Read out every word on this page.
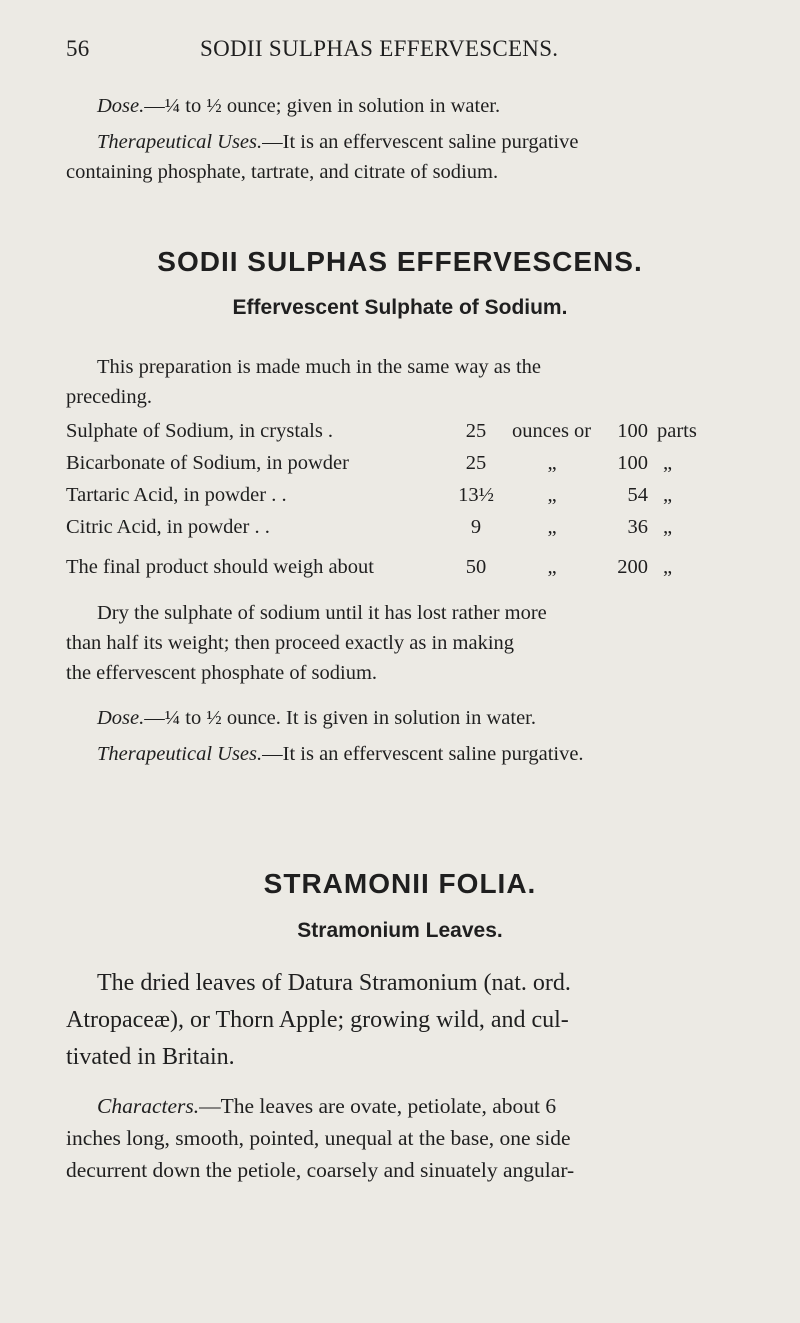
56	SODII SULPHAS EFFERVESCENS.
Dose.—¼ to ½ ounce; given in solution in water.
Therapeutical Uses.—It is an effervescent saline purgative
containing phosphate, tartrate, and citrate of sodium.
SODII SULPHAS EFFERVESCENS.
Effervescent Sulphate of Sodium.
This preparation is made much in the same way as the
preceding.
Sulphate of Sodium, in crystals .	25	ounces or	100 parts
Bicarbonate of Sodium, in powder	25	„	100 „
Tartaric Acid, in powder . .	13½	„	54 „
Citric Acid, in powder . .	9	„	36 „
The final product should weigh about	50	„	200 „
Dry the sulphate of sodium until it has lost rather more
than half its weight; then proceed exactly as in making
the effervescent phosphate of sodium.
Dose.—¼ to ½ ounce. It is given in solution in water.
Therapeutical Uses.—It is an effervescent saline purgative.
STRAMONII FOLIA.
Stramonium Leaves.
The dried leaves of Datura Stramonium (nat. ord.
Atropaceæ), or Thorn Apple; growing wild, and cul-
tivated in Britain.
Characters.—The leaves are ovate, petiolate, about 6
inches long, smooth, pointed, unequal at the base, one side
decurrent down the petiole, coarsely and sinuately angular-
